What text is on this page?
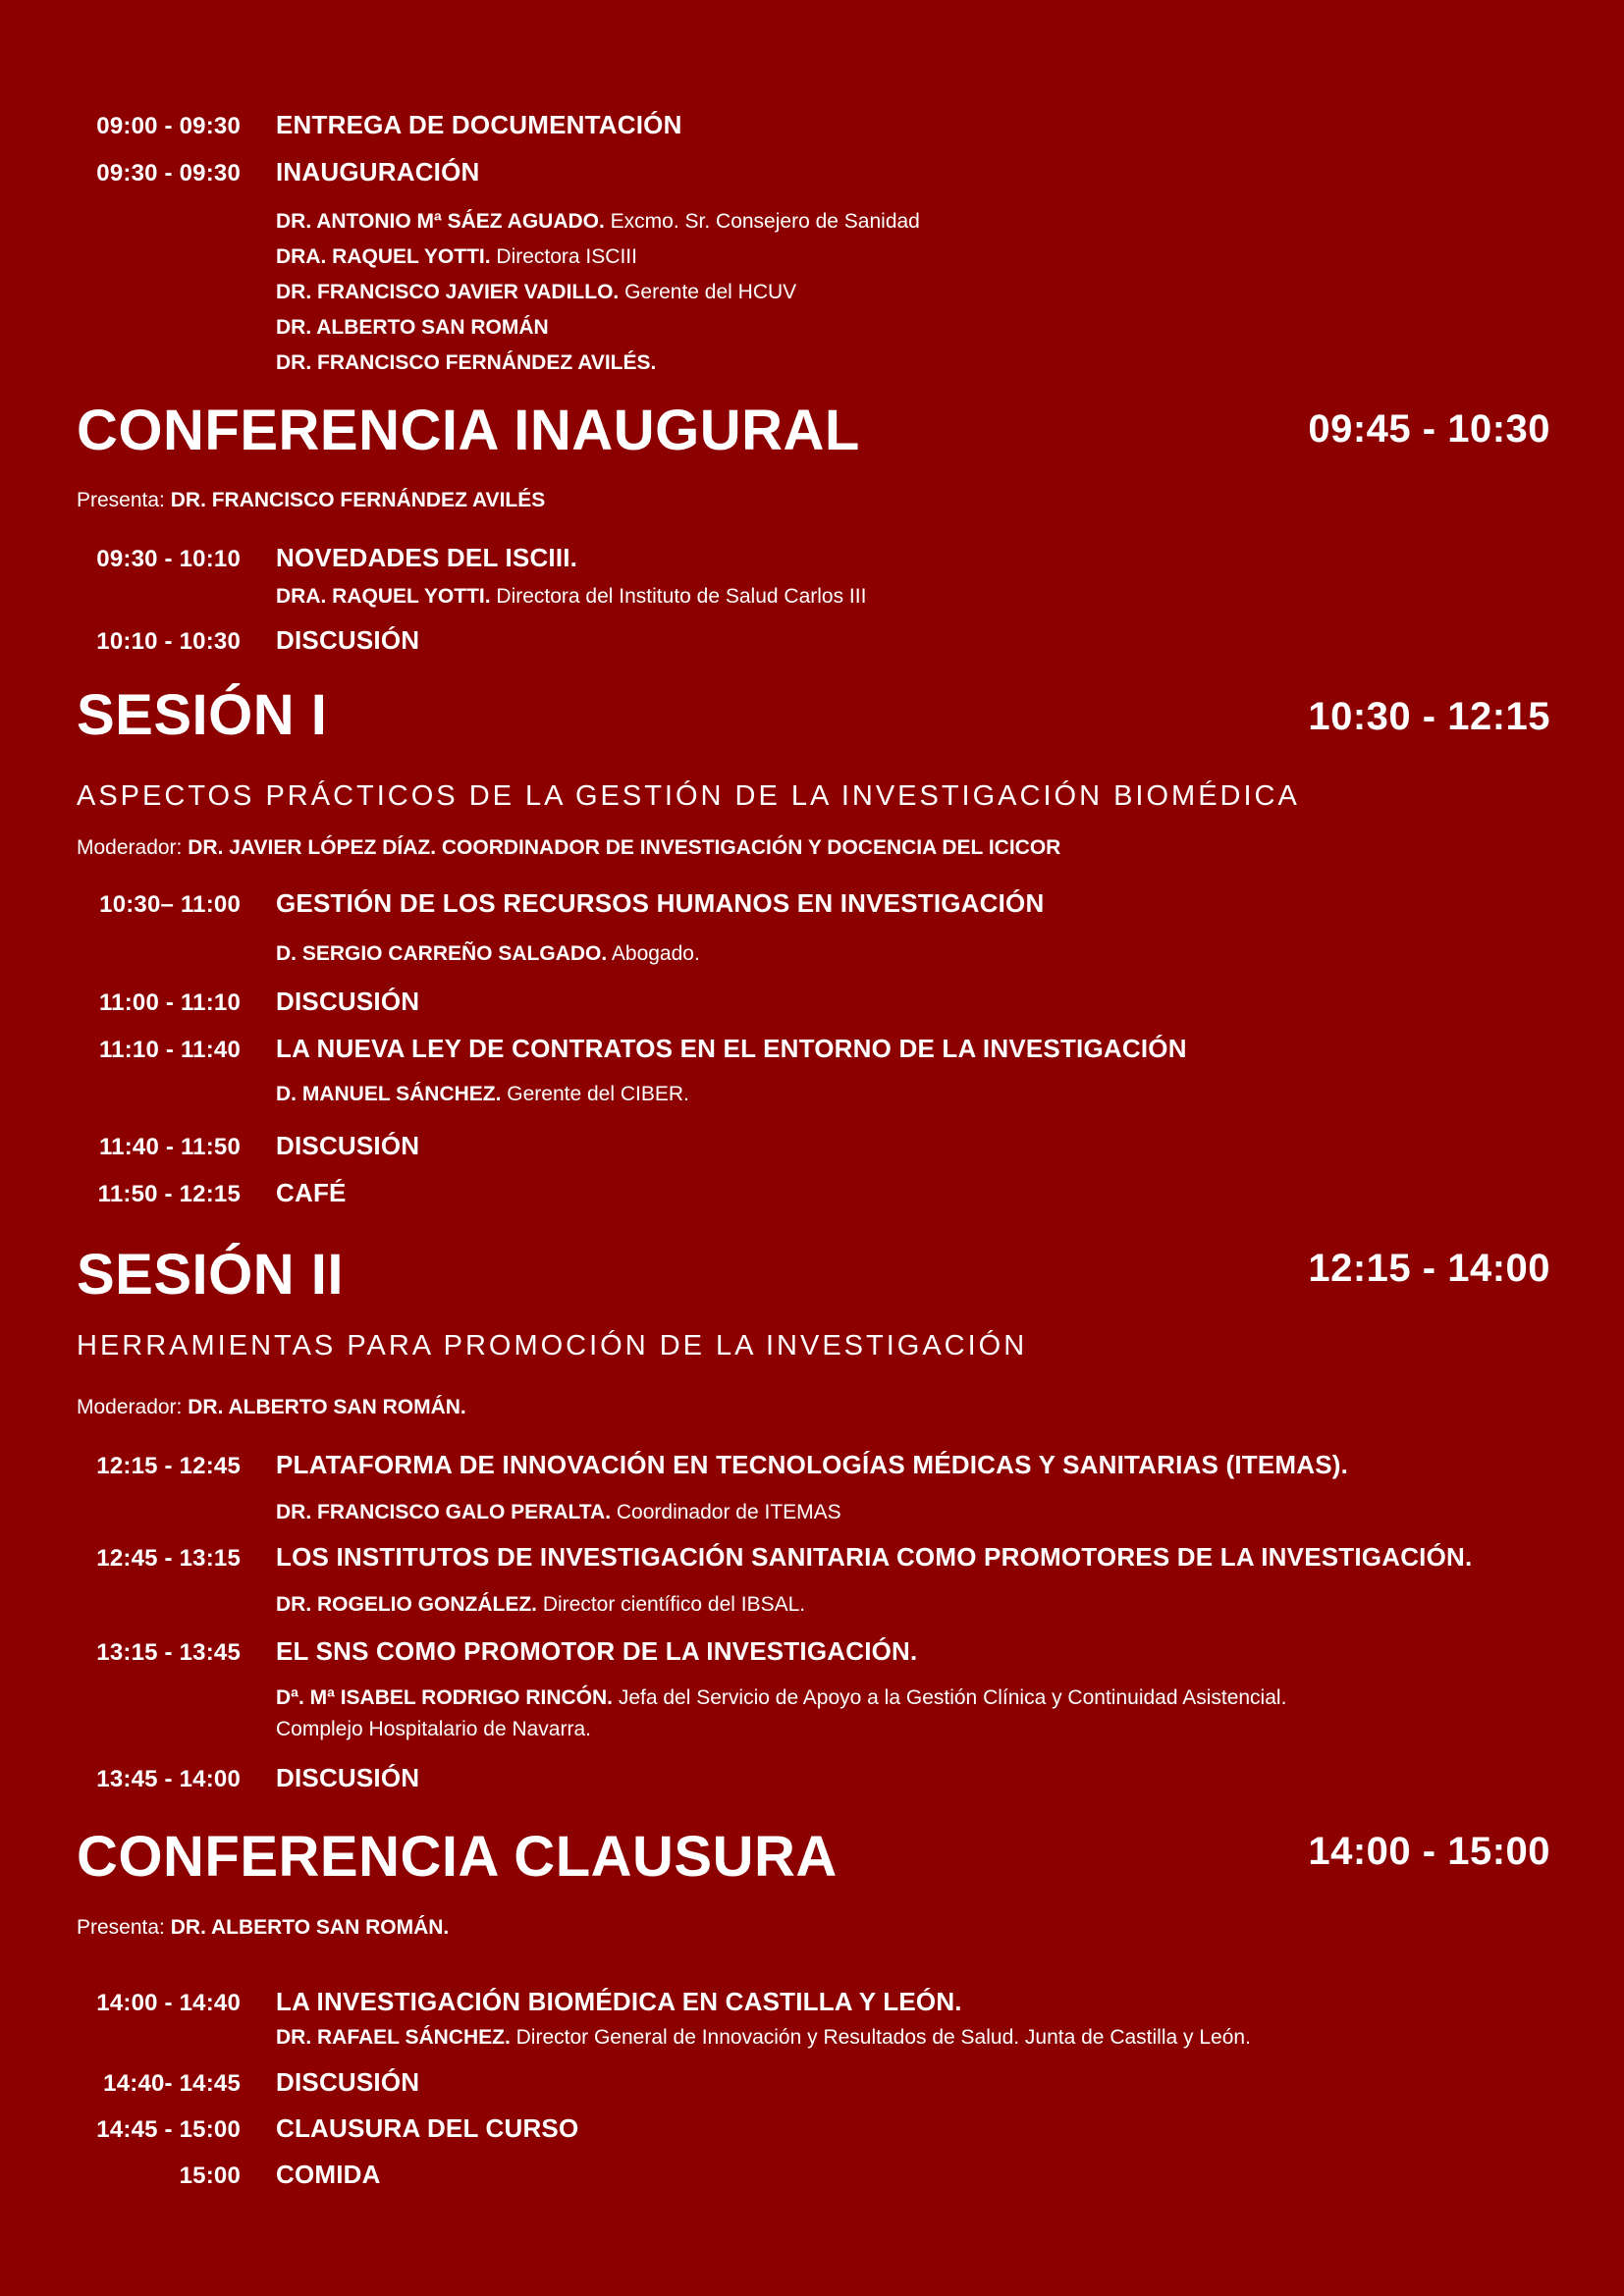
09:00 - 09:30 ENTREGA DE DOCUMENTACIÓN
09:30 - 09:30 INAUGURACIÓN
DR. ANTONIO Mª SÁEZ AGUADO. Excmo. Sr. Consejero de Sanidad
DRA. RAQUEL YOTTI. Directora ISCIII
DR. FRANCISCO JAVIER VADILLO. Gerente del HCUV
DR. ALBERTO SAN ROMÁN
DR. FRANCISCO FERNÁNDEZ AVILÉS.
CONFERENCIA INAUGURAL	09:45 - 10:30
Presenta: DR. FRANCISCO FERNÁNDEZ AVILÉS
09:30 - 10:10 NOVEDADES DEL ISCIII.
DRA. RAQUEL YOTTI. Directora del Instituto de Salud Carlos III
10:10 - 10:30 DISCUSIÓN
SESIÓN I	10:30 - 12:15
ASPECTOS PRÁCTICOS DE LA GESTIÓN DE LA INVESTIGACIÓN BIOMÉDICA
Moderador: DR. JAVIER LÓPEZ DÍAZ. COORDINADOR DE INVESTIGACIÓN Y DOCENCIA DEL ICICOR
10:30– 11:00 GESTIÓN DE LOS RECURSOS HUMANOS EN INVESTIGACIÓN
D. SERGIO CARREÑO SALGADO. Abogado.
11:00 - 11:10 DISCUSIÓN
11:10 - 11:40 LA NUEVA LEY DE CONTRATOS EN EL ENTORNO DE LA INVESTIGACIÓN
D. MANUEL SÁNCHEZ. Gerente del CIBER.
11:40 - 11:50 DISCUSIÓN
11:50 - 12:15 CAFÉ
SESIÓN II	12:15 - 14:00
HERRAMIENTAS PARA PROMOCIÓN DE LA INVESTIGACIÓN
Moderador: DR. ALBERTO SAN ROMÁN.
12:15 - 12:45 PLATAFORMA DE INNOVACIÓN EN TECNOLOGÍAS MÉDICAS Y SANITARIAS (ITEMAS).
DR. FRANCISCO GALO PERALTA. Coordinador de ITEMAS
12:45 - 13:15 LOS INSTITUTOS DE INVESTIGACIÓN SANITARIA COMO PROMOTORES DE LA INVESTIGACIÓN.
DR. ROGELIO GONZÁLEZ. Director científico del IBSAL.
13:15 - 13:45 EL SNS COMO PROMOTOR DE LA INVESTIGACIÓN.
Dª. Mª ISABEL RODRIGO RINCÓN. Jefa del Servicio de Apoyo a la Gestión Clínica y Continuidad Asistencial.
Complejo Hospitalario de Navarra.
13:45 - 14:00 DISCUSIÓN
CONFERENCIA CLAUSURA	14:00 - 15:00
Presenta: DR. ALBERTO SAN ROMÁN.
14:00 - 14:40 LA INVESTIGACIÓN BIOMÉDICA EN CASTILLA Y LEÓN.
DR. RAFAEL SÁNCHEZ. Director General de Innovación y Resultados de Salud. Junta de Castilla y León.
14:40- 14:45 DISCUSIÓN
14:45 - 15:00 CLAUSURA DEL CURSO
15:00 COMIDA
